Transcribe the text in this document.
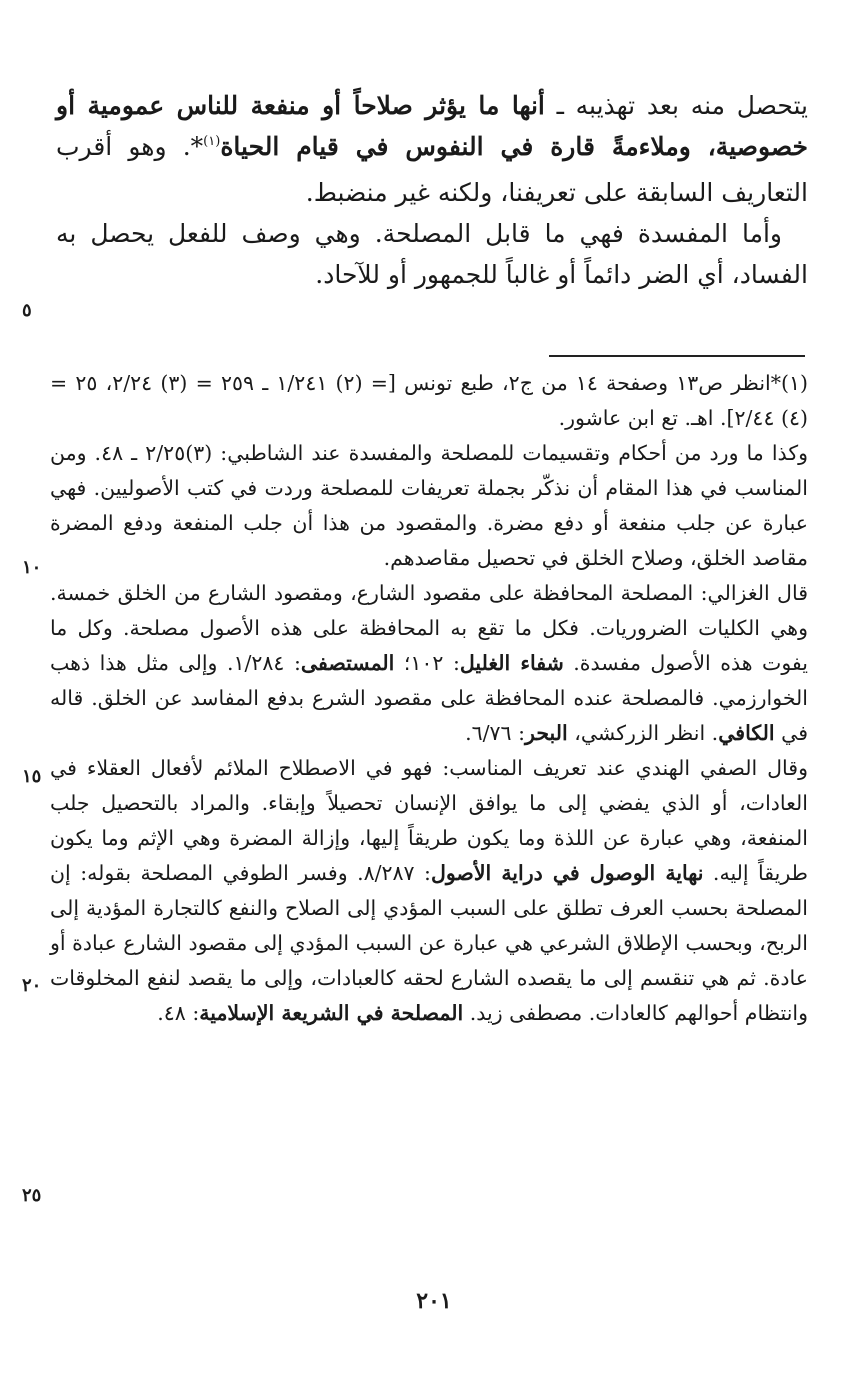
يتحصل منه بعد تهذيبه ـ أنها ما يؤثر صلاحاً أو منفعة للناس عمومية أو خصوصية، وملاءمةً قارة في النفوس في قيام الحياة$^{(١)}$*. وهو أقرب التعاريف السابقة على تعريفنا، ولكنه غير منضبط.

وأما المفسدة فهي ما قابل المصلحة. وهي وصف للفعل يحصل به الفساد، أي الضر دائماً أو غالباً للجمهور أو للآحاد.

(١)*انظر ص١٣ وصفحة ١٤ من ج٢، طبع تونس [= (٢) ١/٢٤١ ـ ٢٥٩ = (٣) ٢/٢٤، ٢٥ = (٤) ٢/٤٤]. اهـ. تع ابن عاشور.

وكذا ما ورد من أحكام وتقسيمات للمصلحة والمفسدة عند الشاطبي: (٣)٢/٢٥ ـ ٤٨. ومن المناسب في هذا المقام أن نذكّر بجملة تعريفات للمصلحة وردت في كتب الأصوليين. فهي عبارة عن جلب منفعة أو دفع مضرة. والمقصود من هذا أن جلب المنفعة ودفع المضرة مقاصد الخلق، وصلاح الخلق في تحصيل مقاصدهم.

قال الغزالي: المصلحة المحافظة على مقصود الشارع، ومقصود الشارع من الخلق خمسة. وهي الكليات الضروريات. فكل ما تقع به المحافظة على هذه الأصول مصلحة. وكل ما يفوت هذه الأصول مفسدة. شفاء الغليل: ١٠٢؛ المستصفى: ١/٢٨٤. وإلى مثل هذا ذهب الخوارزمي. فالمصلحة عنده المحافظة على مقصود الشرع بدفع المفاسد عن الخلق. قاله في الكافي. انظر الزركشي، البحر: ٦/٧٦.

وقال الصفي الهندي عند تعريف المناسب: فهو في الاصطلاح الملائم لأفعال العقلاء في العادات، أو الذي يفضي إلى ما يوافق الإنسان تحصيلاً وإبقاء. والمراد بالتحصيل جلب المنفعة، وهي عبارة عن اللذة وما يكون طريقاً إليها، وإزالة المضرة وهي الإثم وما يكون طريقاً إليه. نهاية الوصول في دراية الأصول: ٨/٢٨٧. وفسر الطوفي المصلحة بقوله: إن المصلحة بحسب العرف تطلق على السبب المؤدي إلى الصلاح والنفع كالتجارة المؤدية إلى الربح، وبحسب الإطلاق الشرعي هي عبارة عن السبب المؤدي إلى مقصود الشارع عبادة أو عادة. ثم هي تنقسم إلى ما يقصده الشارع لحقه كالعبادات، وإلى ما يقصد لنفع المخلوقات وانتظام أحوالهم كالعادات. مصطفى زيد. المصلحة في الشريعة الإسلامية: ٤٨.

٥
١٠
١٥
٢٠
٢٥
٢٠١
